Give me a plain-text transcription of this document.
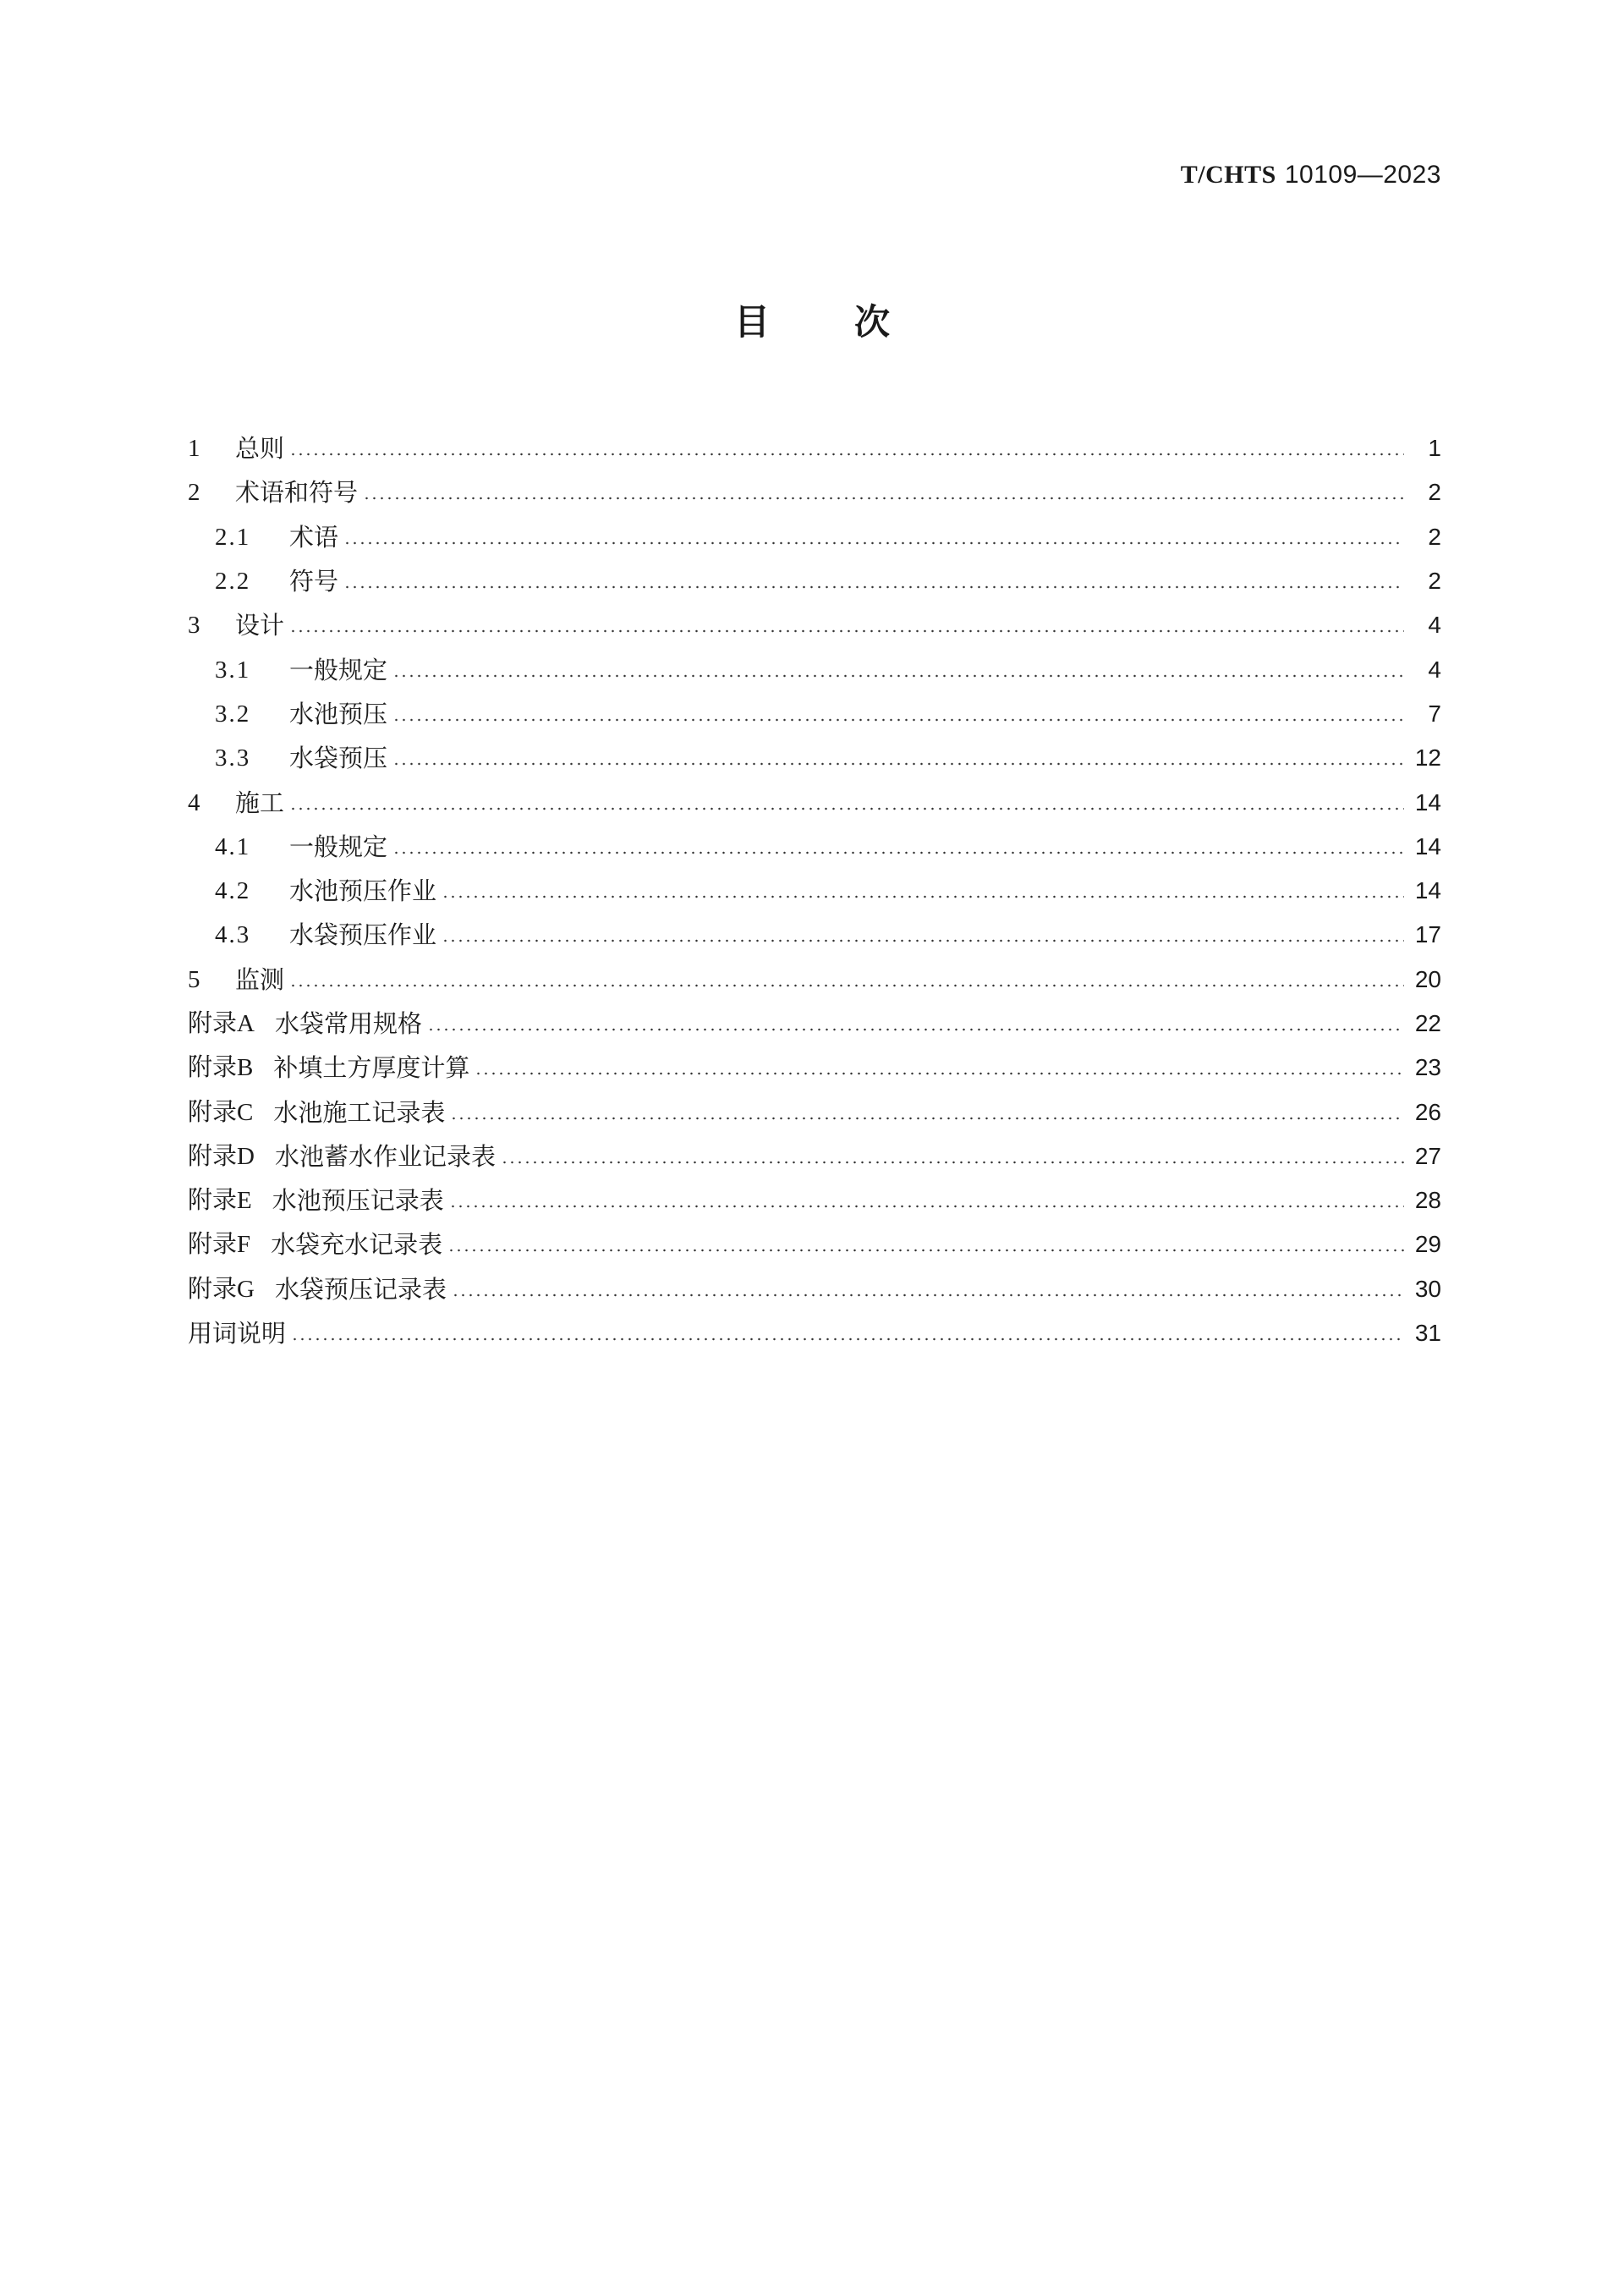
T/CHTS 10109—2023
目次
1	总则	1
2	术语和符号	2
2.1	术语	2
2.2	符号	2
3	设计	4
3.1	一般规定	4
3.2	水池预压	7
3.3	水袋预压	12
4	施工	14
4.1	一般规定	14
4.2	水池预压作业	14
4.3	水袋预压作业	17
5	监测	20
附录A 水袋常用规格	22
附录B 补填土方厚度计算	23
附录C 水池施工记录表	26
附录D 水池蓄水作业记录表	27
附录E 水池预压记录表	28
附录F 水袋充水记录表	29
附录G 水袋预压记录表	30
用词说明	31
